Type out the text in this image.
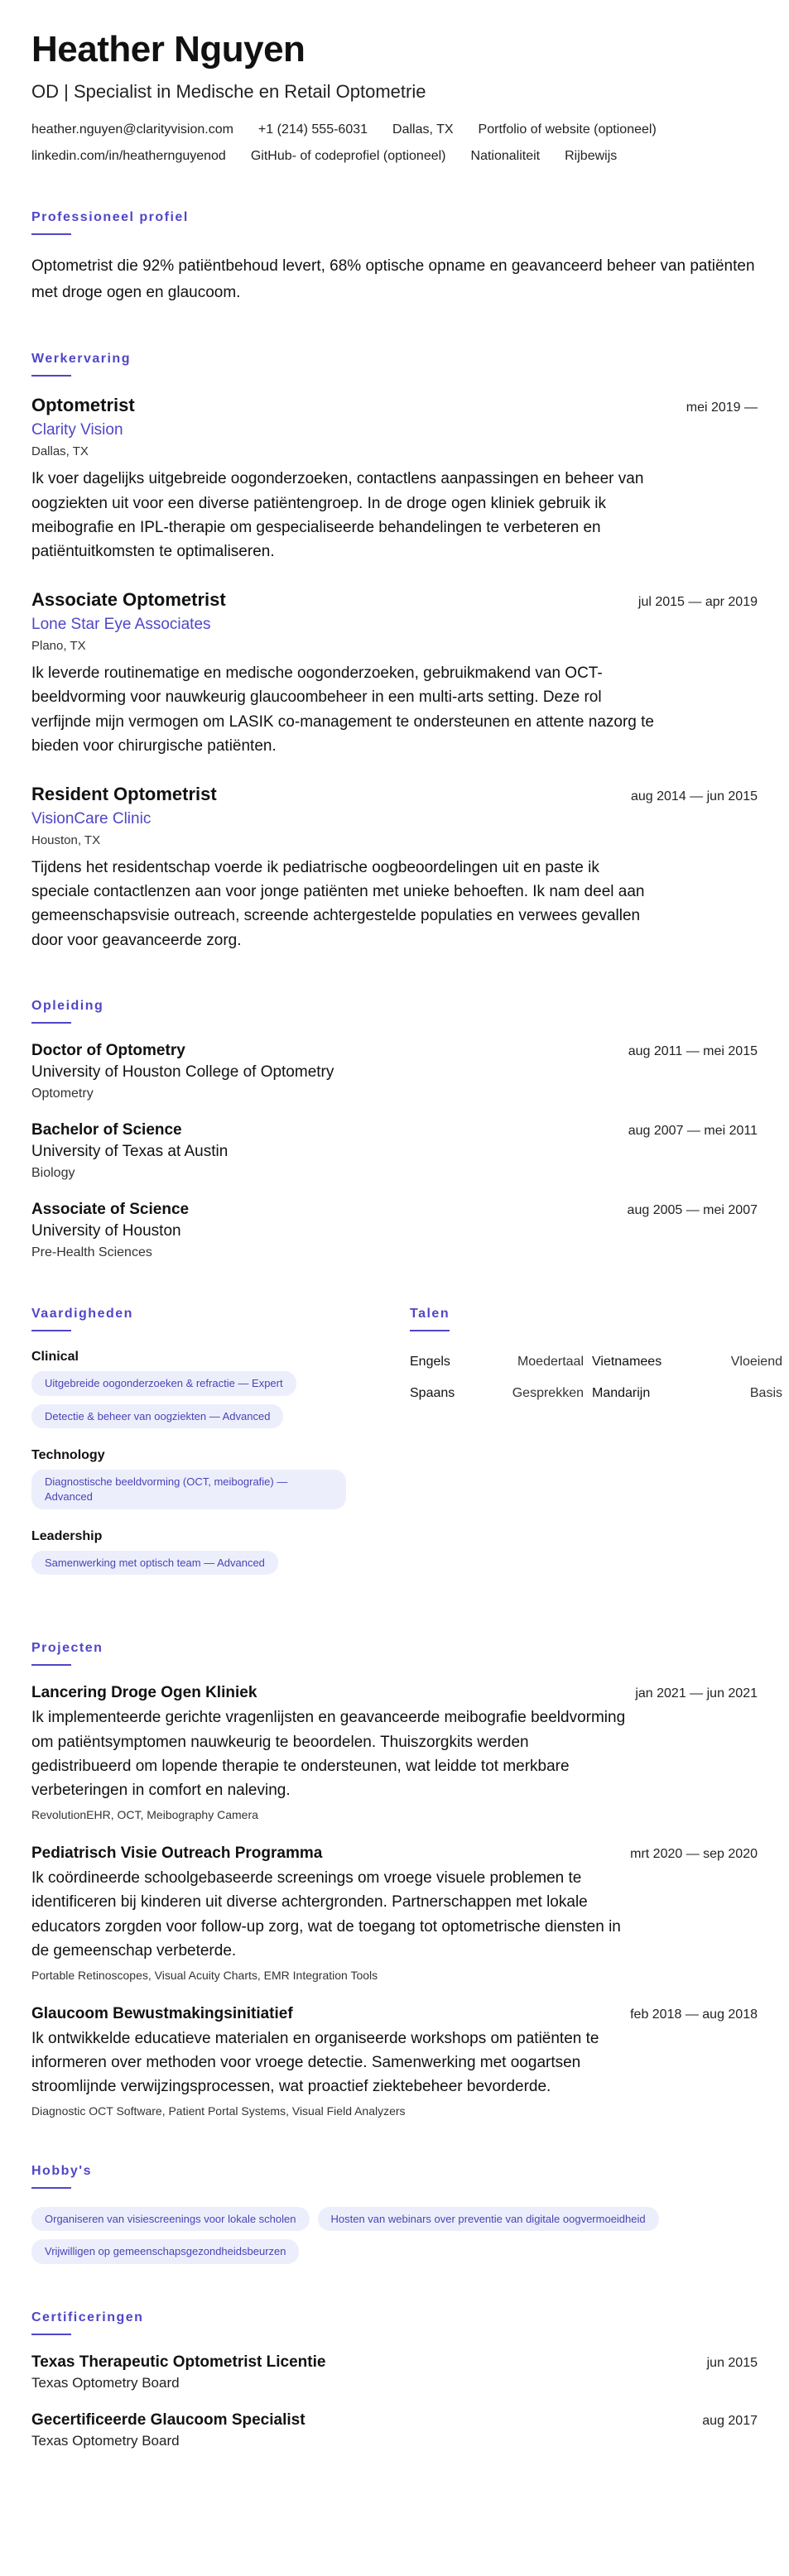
Heather Nguyen
OD | Specialist in Medische en Retail Optometrie
heather.nguyen@clarityvision.com +1 (214) 555-6031 Dallas, TX Portfolio of website (optioneel)
linkedin.com/in/heathernguyenod GitHub- of codeprofiel (optioneel) Nationaliteit Rijbewijs
Professioneel profiel

Optometrist die 92% patiëntbehoud levert, 68% optische opname en geavanceerd beheer van patiënten met droge ogen en glaucoom.

Werkervaring
Optometrist	mei 2019 —
Clarity Vision
Dallas, TX

Ik voer dagelijks uitgebreide oogonderzoeken, contactlens aanpassingen en beheer van oogziekten uit voor een diverse patiëntengroep. In de droge ogen kliniek gebruik ik meibografie en IPL-therapie om gespecialiseerde behandelingen te verbeteren en patiëntuitkomsten te optimaliseren.

Associate Optometrist	jul 2015 — apr 2019
Lone Star Eye Associates
Plano, TX

Ik leverde routinematige en medische oogonderzoeken, gebruikmakend van OCT-beeldvorming voor nauwkeurig glaucoombeheer in een multi-arts setting. Deze rol verfijnde mijn vermogen om LASIK co-management te ondersteunen en attente nazorg te bieden voor chirurgische patiënten.

Resident Optometrist	aug 2014 — jun 2015
VisionCare Clinic
Houston, TX

Tijdens het residentschap voerde ik pediatrische oogbeoordelingen uit en paste ik speciale contactlenzen aan voor jonge patiënten met unieke behoeften. Ik nam deel aan gemeenschapsvisie outreach, screende achtergestelde populaties en verwees gevallen door voor geavanceerde zorg.

Opleiding
Doctor of Optometry	aug 2011 — mei 2015
University of Houston College of Optometry
Optometry
Bachelor of Science	aug 2007 — mei 2011
University of Texas at Austin
Biology
Associate of Science	aug 2005 — mei 2007
University of Houston
Pre-Health Sciences
Vaardigheden
Clinical
Uitgebreide oogonderzoeken & refractie — Expert
Detectie & beheer van oogziekten — Advanced
Technology
Diagnostische beeldvorming (OCT, meibografie) — Advanced
Leadership
Samenwerking met optisch team — Advanced
Talen
Engels	Moedertaal Vietnamees	Vloeiend
Spaans	Gesprekken Mandarijn	Basis
Projecten
Lancering Droge Ogen Kliniek	jan 2021 — jun 2021

Ik implementeerde gerichte vragenlijsten en geavanceerde meibografie beeldvorming om patiëntsymptomen nauwkeurig te beoordelen. Thuiszorgkits werden gedistribueerd om lopende therapie te ondersteunen, wat leidde tot merkbare verbeteringen in comfort en naleving.

RevolutionEHR, OCT, Meibography Camera
Pediatrisch Visie Outreach Programma	mrt 2020 — sep 2020

Ik coördineerde schoolgebaseerde screenings om vroege visuele problemen te identificeren bij kinderen uit diverse achtergronden. Partnerschappen met lokale educators zorgden voor follow-up zorg, wat de toegang tot optometrische diensten in de gemeenschap verbeterde.

Portable Retinoscopes, Visual Acuity Charts, EMR Integration Tools
Glaucoom Bewustmakingsinitiatief	feb 2018 — aug 2018

Ik ontwikkelde educatieve materialen en organiseerde workshops om patiënten te informeren over methoden voor vroege detectie. Samenwerking met oogartsen stroomlijnde verwijzingsprocessen, wat proactief ziektebeheer bevorderde.

Diagnostic OCT Software, Patient Portal Systems, Visual Field Analyzers
Hobby's
Organiseren van visiescreenings voor lokale scholen	Hosten van webinars over preventie van digitale oogvermoeidheid
Vrijwilligen op gemeenschapsgezondheidsbeurzen
Certificeringen
Texas Therapeutic Optometrist Licentie	jun 2015
Texas Optometry Board
Gecertificeerde Glaucoom Specialist	aug 2017
Texas Optometry Board
